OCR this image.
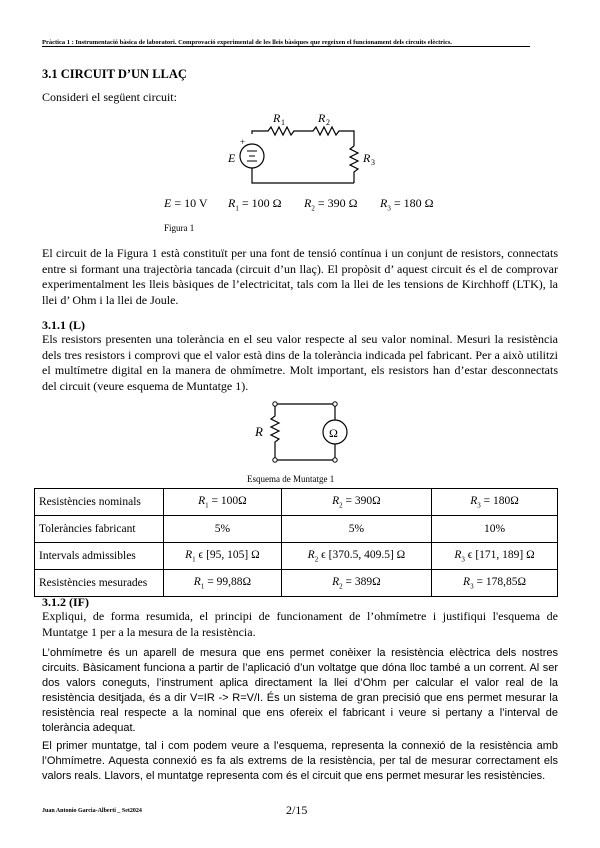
Pràctica 1 : Instrumentació bàsica de laboratori. Comprovació experimental de les lleis bàsiques que regeixen el funcionament dels circuits elèctrics.
3.1 CIRCUIT D’UN LLAÇ
Consideri el següent circuit:
R 1	R 2
R 3
E
+
E = 10 V $R_1 = 100$ Ω $R_2 = 390$ Ω $R_3 = 180$ Ω
Figura 1
El circuit de la Figura 1 està constituït per una font de tensió contínua i un conjunt de resistors, connectats entre si formant una trajectòria tancada (circuit d’un llaç). El propòsit d’ aquest circuit és el de comprovar experimentalment les lleis bàsiques de l’electricitat, tals com la llei de les tensions de Kirchhoff (LTK), la llei d’ Ohm i la llei de Joule.
3.1.1 (L)
Els resistors presenten una tolerància en el seu valor respecte al seu valor nominal. Mesuri la resistència dels tres resistors i comprovi que el valor està dins de la tolerància indicada pel fabricant. Per a això utilitzi el multímetre digital en la manera de ohmímetre. Molt important, els resistors han d’estar desconnectats del circuit (veure esquema de Muntatge 1).
R	Ω
Esquema de Muntatge 1
Resistències nominals	$R_1 = 100\Omega$	$R_2 = 390\Omega$	$R_3 = 180\Omega$
Toleràncies fabricant	5%	5%	10%
Intervals admissibles	$R_1$ ϵ [95, 105] Ω	$R_2$ ϵ [370.5, 409.5] Ω	$R_3$ ϵ [171, 189] Ω
Resistències mesurades	$R_1 = 99,88\Omega$	$R_2 = 389\Omega$	$R_3 = 178,85\Omega$
3.1.2 (IF)
Expliqui, de forma resumida, el principi de funcionament de l’ohmímetre i justifiqui l'esquema de Muntatge 1 per a la mesura de la resistència.
L’ohmímetre és un aparell de mesura que ens permet conèixer la resistència elèctrica dels nostres circuits. Bàsicament funciona a partir de l’aplicació d’un voltatge que dóna lloc també a un corrent. Al ser dos valors coneguts, l’instrument aplica directament la llei d’Ohm per calcular el valor real de la resistència desitjada, és a dir V=IR -> R=V/I. És un sistema de gran precisió que ens permet mesurar la resistència real respecte a la nominal que ens ofereix el fabricant i veure si pertany a l’interval de tolerància adequat.
El primer muntatge, tal i com podem veure a l’esquema, representa la connexió de la resistència amb l’Ohmímetre. Aquesta connexió es fa als extrems de la resistència, per tal de mesurar correctament els valors reals. Llavors, el muntatge representa com és el circuit que ens permet mesurar les resistències.
Juan Antonio Garcia-Alberti _ Set2024	2/15
